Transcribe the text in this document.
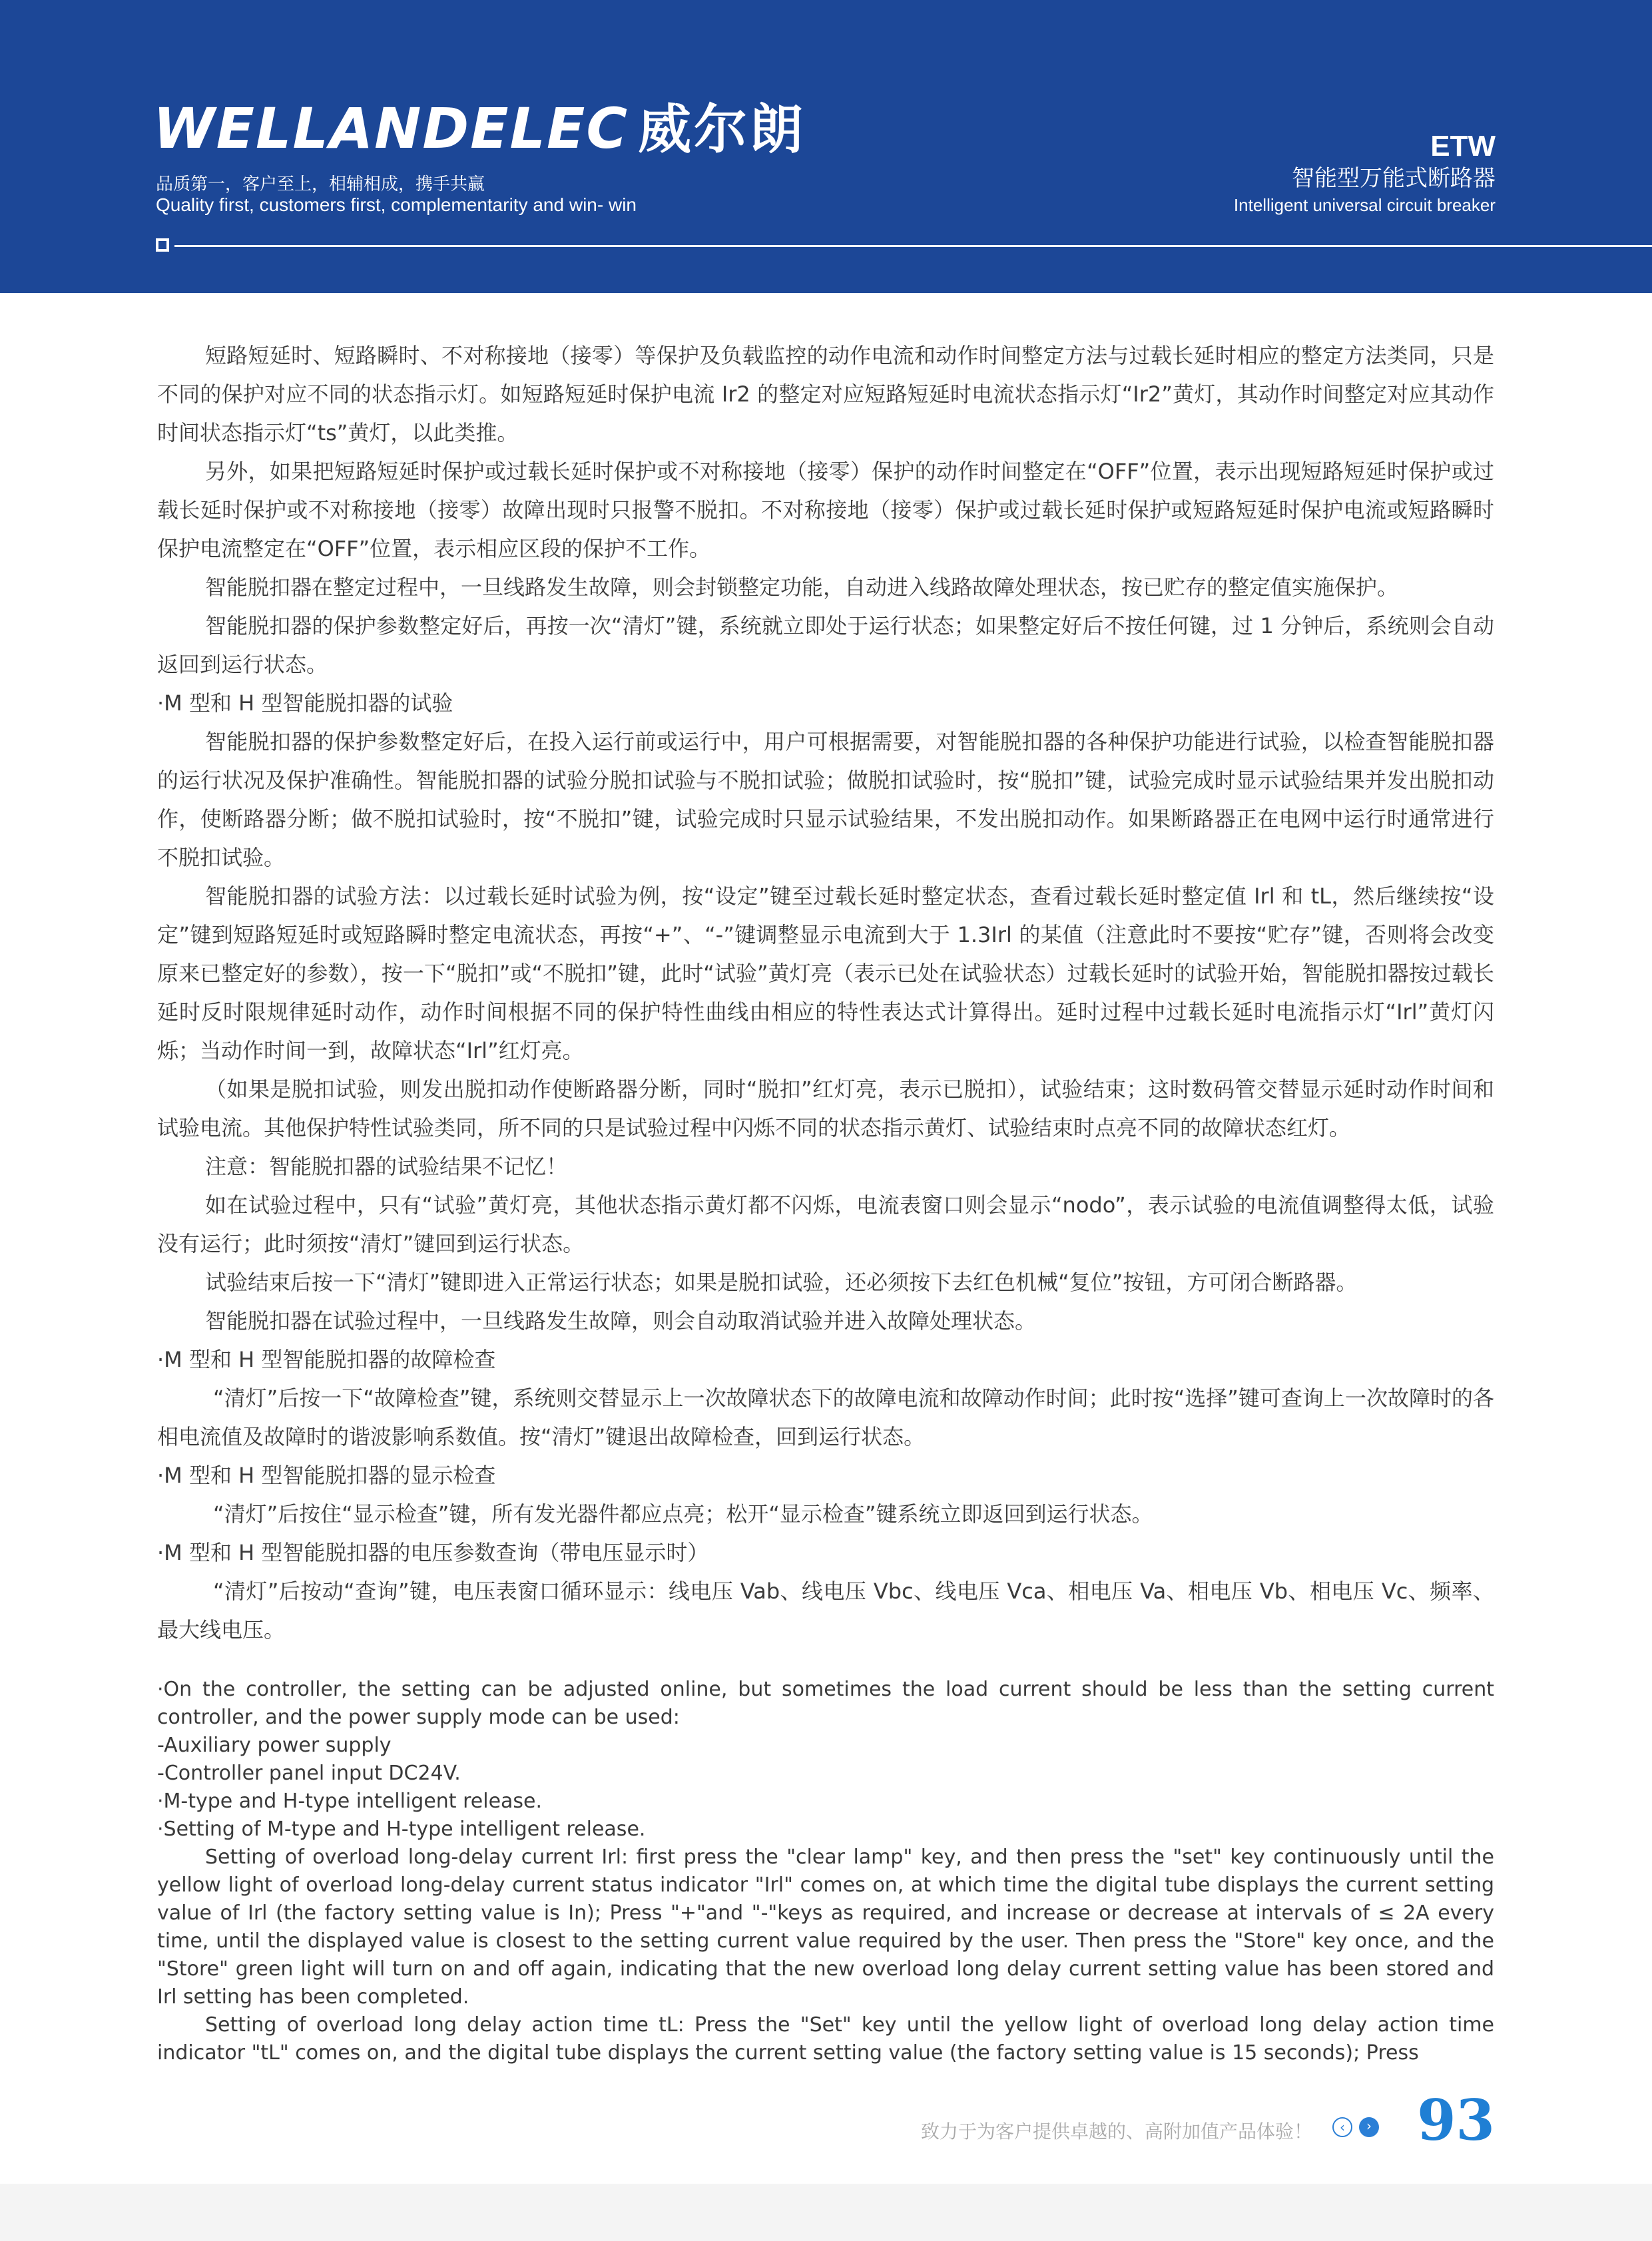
WELLANDELEC 威尔朗
品质第一，客户至上，相辅相成，携手共赢
Quality first, customers first, complementarity and win- win
ETW
智能型万能式断路器
Intelligent universal circuit breaker

短路短延时、短路瞬时、不对称接地（接零）等保护及负载监控的动作电流和动作时间整定方法与过载长延时相应的整定方法类同，只是不同的保护对应不同的状态指示灯。如短路短延时保护电流 Ir2 的整定对应短路短延时电流状态指示灯“Ir2”黄灯，其动作时间整定对应其动作时间状态指示灯“ts”黄灯，以此类推。

另外，如果把短路短延时保护或过载长延时保护或不对称接地（接零）保护的动作时间整定在“OFF”位置，表示出现短路短延时保护或过载长延时保护或不对称接地（接零）故障出现时只报警不脱扣。不对称接地（接零）保护或过载长延时保护或短路短延时保护电流或短路瞬时保护电流整定在“OFF”位置，表示相应区段的保护不工作。

智能脱扣器在整定过程中，一旦线路发生故障，则会封锁整定功能，自动进入线路故障处理状态，按已贮存的整定值实施保护。

智能脱扣器的保护参数整定好后，再按一次“清灯”键，系统就立即处于运行状态；如果整定好后不按任何键，过 1 分钟后，系统则会自动返回到运行状态。

·M 型和 H 型智能脱扣器的试验

智能脱扣器的保护参数整定好后，在投入运行前或运行中，用户可根据需要，对智能脱扣器的各种保护功能进行试验，以检查智能脱扣器的运行状况及保护准确性。智能脱扣器的试验分脱扣试验与不脱扣试验；做脱扣试验时，按“脱扣”键，试验完成时显示试验结果并发出脱扣动作，使断路器分断；做不脱扣试验时，按“不脱扣”键，试验完成时只显示试验结果，不发出脱扣动作。如果断路器正在电网中运行时通常进行不脱扣试验。

智能脱扣器的试验方法：以过载长延时试验为例，按“设定”键至过载长延时整定状态，查看过载长延时整定值 Irl 和 tL，然后继续按“设定”键到短路短延时或短路瞬时整定电流状态，再按“+”、“-”键调整显示电流到大于 1.3Irl 的某值（注意此时不要按“贮存”键，否则将会改变原来已整定好的参数），按一下“脱扣”或“不脱扣”键，此时“试验”黄灯亮（表示已处在试验状态）过载长延时的试验开始，智能脱扣器按过载长延时反时限规律延时动作，动作时间根据不同的保护特性曲线由相应的特性表达式计算得出。延时过程中过载长延时电流指示灯“Irl”黄灯闪烁；当动作时间一到，故障状态“Irl”红灯亮。

（如果是脱扣试验，则发出脱扣动作使断路器分断，同时“脱扣”红灯亮，表示已脱扣），试验结束；这时数码管交替显示延时动作时间和试验电流。其他保护特性试验类同，所不同的只是试验过程中闪烁不同的状态指示黄灯、试验结束时点亮不同的故障状态红灯。

注意：智能脱扣器的试验结果不记忆！

如在试验过程中，只有“试验”黄灯亮，其他状态指示黄灯都不闪烁，电流表窗口则会显示“nodo”，表示试验的电流值调整得太低，试验没有运行；此时须按“清灯”键回到运行状态。

试验结束后按一下“清灯”键即进入正常运行状态；如果是脱扣试验，还必须按下去红色机械“复位”按钮，方可闭合断路器。

智能脱扣器在试验过程中，一旦线路发生故障，则会自动取消试验并进入故障处理状态。

·M 型和 H 型智能脱扣器的故障检查

“清灯”后按一下“故障检查”键，系统则交替显示上一次故障状态下的故障电流和故障动作时间；此时按“选择”键可查询上一次故障时的各相电流值及故障时的谐波影响系数值。按“清灯”键退出故障检查，回到运行状态。

·M 型和 H 型智能脱扣器的显示检查

“清灯”后按住“显示检查”键，所有发光器件都应点亮；松开“显示检查”键系统立即返回到运行状态。

·M 型和 H 型智能脱扣器的电压参数查询（带电压显示时）

“清灯”后按动“查询”键，电压表窗口循环显示：线电压 Vab、线电压 Vbc、线电压 Vca、相电压 Va、相电压 Vb、相电压 Vc、频率、最大线电压。

·On the controller, the setting can be adjusted online, but sometimes the load current should be less than the setting current controller, and the power supply mode can be used:

-Auxiliary power supply

-Controller panel input DC24V.

·M-type and H-type intelligent release.

·Setting of M-type and H-type intelligent release.

Setting of overload long-delay current Irl: first press the "clear lamp" key, and then press the "set" key continuously until the yellow light of overload long-delay current status indicator "Irl" comes on, at which time the digital tube displays the current setting value of Irl (the factory setting value is In); Press "+"and "-"keys as required, and increase or decrease at intervals of ≤ 2A every time, until the displayed value is closest to the setting current value required by the user. Then press the "Store" key once, and the "Store" green light will turn on and off again, indicating that the new overload long delay current setting value has been stored and Irl setting has been completed.

Setting of overload long delay action time tL: Press the "Set" key until the yellow light of overload long delay action time indicator "tL" comes on, and the digital tube displays the current setting value (the factory setting value is 15 seconds); Press

致力于为客户提供卓越的、高附加值产品体验！	‹	› 93
